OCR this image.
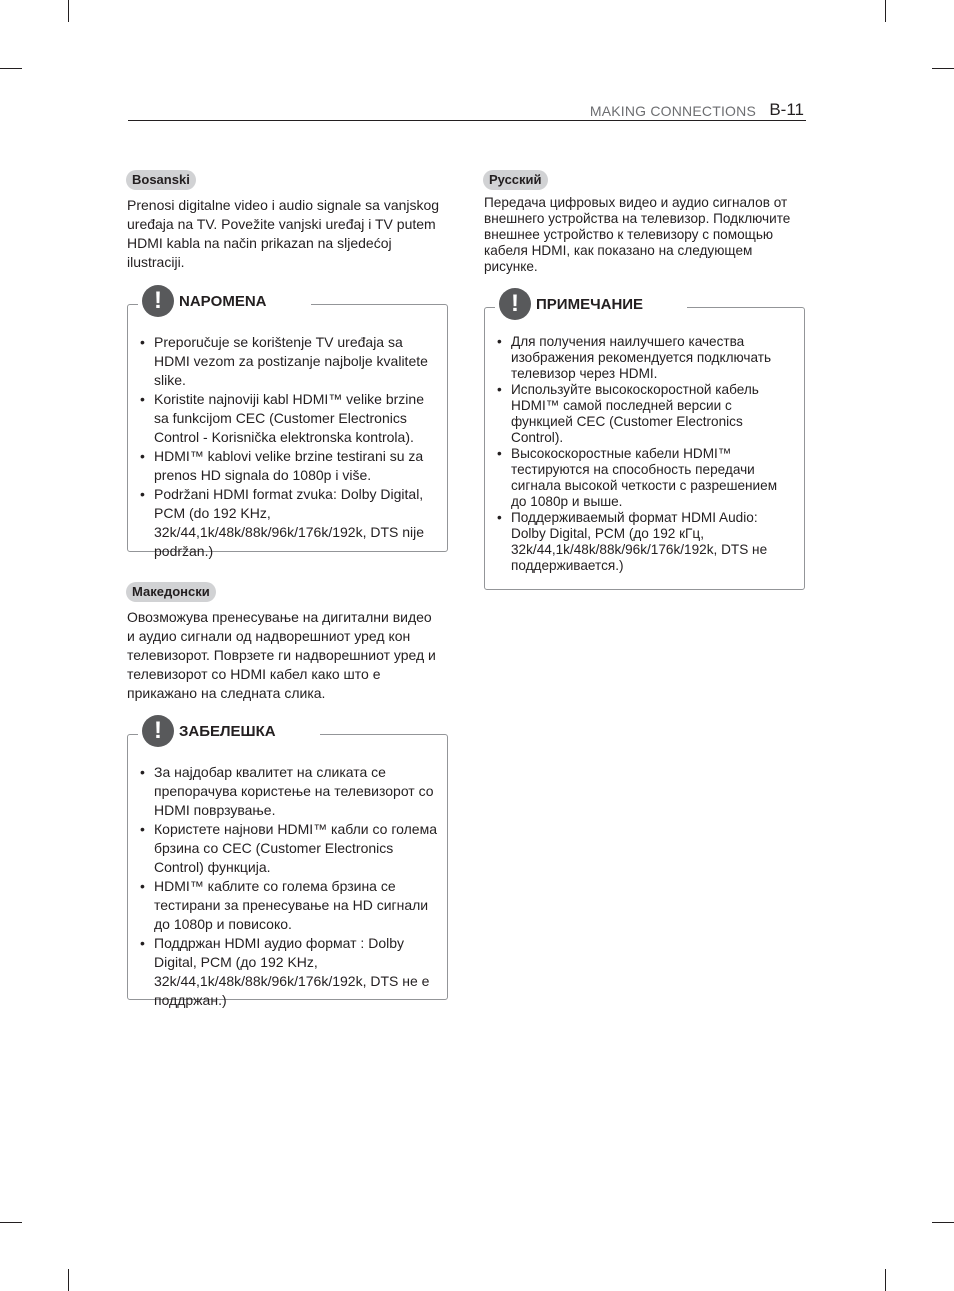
MAKING CONNECTIONS B-11
Bosanski

Prenosi digitalne video i audio signale sa vanjskog uređaja na TV. Povežite vanjski uređaj i TV putem HDMI kabla na način prikazan na sljedećoj ilustraciji.

!	NAPOMENA
• Preporučuje se korištenje TV uređaja sa HDMI vezom za postizanje najbolje kvalitete slike.
• Koristite najnoviji kabl HDMI™ velike brzine sa funkcijom CEC (Customer Electronics Control - Korisnička elektronska kontrola).
• HDMI™ kablovi velike brzine testirani su za prenos HD signala do 1080p i više.
• Podržani HDMI format zvuka: Dolby Digital, PCM (do 192 KHz, 32k/44,1k/48k/88k/96k/176k/192k, DTS nije podržan.)
Македонски

Овозможува пренесување на дигитални видео и аудио сигнали од надворешниот уред кон телевизорот. Поврзете ги надворешниот уред и телевизорот со HDMI кабел како што е прикажано на следната слика.

!	ЗАБЕЛЕШКА
• За најдобар квалитет на сликата се препорачува користење на телевизорот со HDMI поврзување.
• Користете најнови HDMI™ кабли со голема брзина со CEC (Customer Electronics Control) функција.
• HDMI™ каблите со голема брзина се тестирани за пренесување на HD сигнали до 1080p и повисоко.
• Поддржан HDMI аудио формат : Dolby Digital, PCM (до 192 KHz, 32k/44,1k/48k/88k/96k/176k/192k, DTS не е поддржан.)
Русский

Передача цифровых видео и аудио сигналов от внешнего устройства на телевизор. Подключите внешнее устройство к телевизору с помощью кабеля HDMI, как показано на следующем рисунке.

!	ПРИМЕЧАНИЕ
• Для получения наилучшего качества изображения рекомендуется подключать телевизор через HDMI.
• Используйте высокоскоростной кабель HDMI™ самой последней версии с функцией CEC (Customer Electronics Control).
• Высокоскоростные кабели HDMI™ тестируются на способность передачи сигнала высокой четкости с разрешением до 1080p и выше.
• Поддерживаемый формат HDMI Audio: Dolby Digital, PCM (до 192 кГц, 32k/44,1k/48k/88k/96k/176k/192k, DTS не поддерживается.)
